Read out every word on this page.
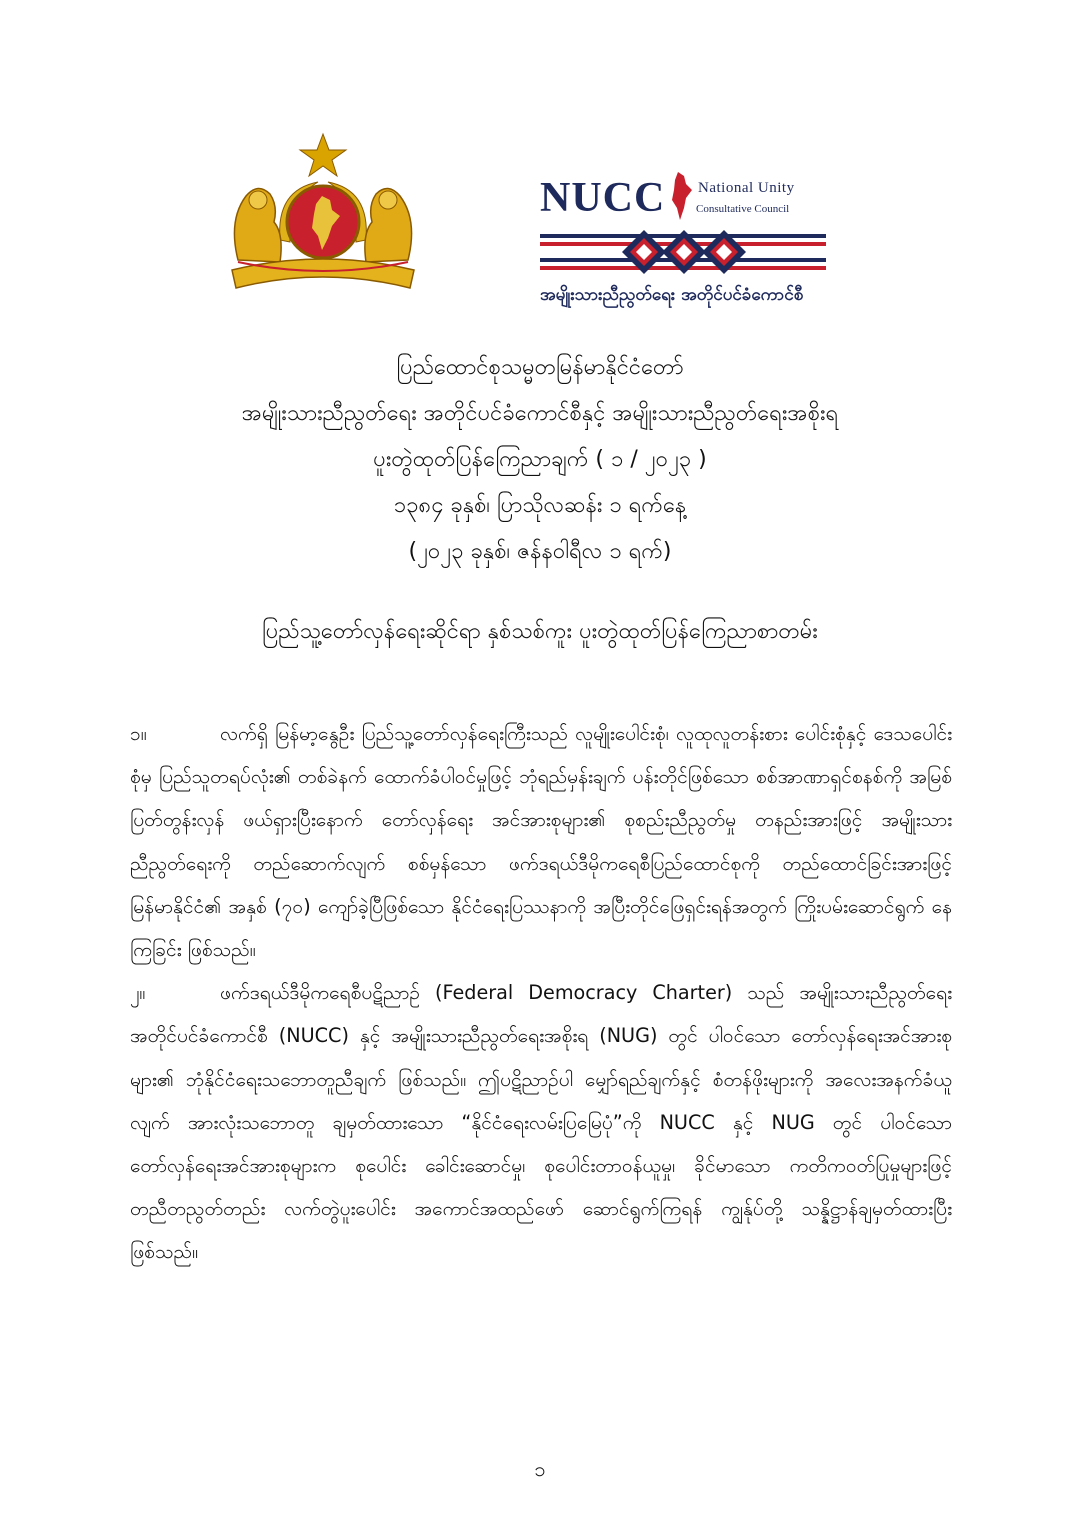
NUCC National Unity
Consultative Council
အမျိုးသားညီညွတ်ရေး အတိုင်ပင်ခံကောင်စီ
ပြည်ထောင်စုသမ္မတမြန်မာနိုင်ငံတော်
အမျိုးသားညီညွတ်ရေး အတိုင်ပင်ခံကောင်စီနှင့် အမျိုးသားညီညွတ်ရေးအစိုးရ
ပူးတွဲထုတ်ပြန်ကြေညာချက် ( ၁ / ၂၀၂၃ )
၁၃၈၄ ခုနှစ်၊ ပြာသိုလဆန်း ၁ ရက်နေ့
(၂၀၂၃ ခုနှစ်၊ ဇန်နဝါရီလ ၁ ရက်)
ပြည်သူ့တော်လှန်ရေးဆိုင်ရာ နှစ်သစ်ကူး ပူးတွဲထုတ်ပြန်ကြေညာစာတမ်း

၁။	လက်ရှိ မြန်မာ့နွေဦး ပြည်သူ့တော်လှန်ရေးကြီးသည် လူမျိုးပေါင်းစုံ၊ လူထုလူတန်းစား ပေါင်းစုံနှင့် ဒေသပေါင်းစုံမှ ပြည်သူတရပ်လုံး၏ တစ်ခဲနက် ထောက်ခံပါဝင်မှုဖြင့် ဘုံရည်မှန်းချက် ပန်းတိုင်ဖြစ်သော စစ်အာဏာရှင်စနစ်ကို အမြစ်ပြတ်တွန်းလှန် ဖယ်ရှားပြီးနောက် တော်လှန်ရေး အင်အားစုများ၏ စုစည်းညီညွတ်မှု တနည်းအားဖြင့် အမျိုးသားညီညွတ်ရေးကို တည်ဆောက်လျက် စစ်မှန်သော ဖက်ဒရယ်ဒီမိုကရေစီပြည်ထောင်စုကို တည်ထောင်ခြင်းအားဖြင့် မြန်မာနိုင်ငံ၏ အနှစ် (၇၀) ကျော်ခဲ့ပြီဖြစ်သော နိုင်ငံရေးပြဿနာကို အပြီးတိုင်ဖြေရှင်းရန်အတွက် ကြိုးပမ်းဆောင်ရွက် နေကြခြင်း ဖြစ်သည်။

၂။	ဖက်ဒရယ်ဒီမိုကရေစီပဋိညာဉ် (Federal Democracy Charter) သည် အမျိုးသားညီညွတ်ရေးအတိုင်ပင်ခံကောင်စီ (NUCC) နှင့် အမျိုးသားညီညွတ်ရေးအစိုးရ (NUG) တွင် ပါဝင်သော တော်လှန်ရေးအင်အားစုများ၏ ဘုံနိုင်ငံရေးသဘောတူညီချက် ဖြစ်သည်။ ဤပဋိညာဉ်ပါ မျှော်ရည်ချက်နှင့် စံတန်ဖိုးများကို အလေးအနက်ခံယူလျက် အားလုံးသဘောတူ ချမှတ်ထားသော “နိုင်ငံရေးလမ်းပြမြေပုံ”ကို NUCC နှင့် NUG တွင် ပါဝင်သော တော်လှန်ရေးအင်အားစုများက စုပေါင်း ခေါင်းဆောင်မှု၊ စုပေါင်းတာဝန်ယူမှု၊ ခိုင်မာသော ကတိကဝတ်ပြုမှုများဖြင့် တညီတညွတ်တည်း လက်တွဲပူးပေါင်း အကောင်အထည်ဖော် ဆောင်ရွက်ကြရန် ကျွန်ုပ်တို့ သန္နိဋ္ဌာန်ချမှတ်ထားပြီးဖြစ်သည်။

၁
